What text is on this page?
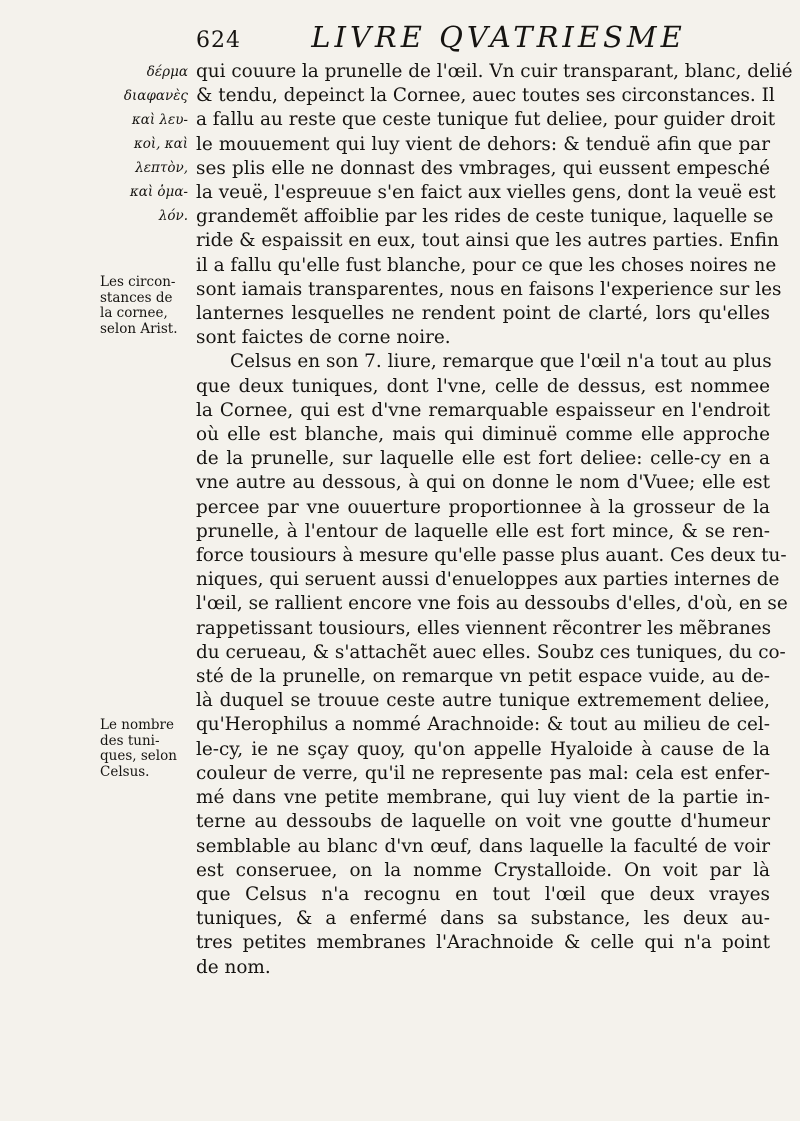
624	LIVRE QVATRIESME
δέρμα
διαφανὲς
καὶ λευ-
κοὶ, καὶ
λεπτὸν,
καὶ ὁμα-
λόν.
Les circon-
stances de
la cornee,
selon Arist.
Le nombre
des tuni-
ques, selon
Celsus.

qui couure la prunelle de l'œil. Vn cuir transparant, blanc, delié
& tendu, depeinct la Cornee, auec toutes ses circonstances. Il
a fallu au reste que ceste tunique fut deliee, pour guider droit
le mouuement qui luy vient de dehors: & tenduë afin que par
ses plis elle ne donnast des vmbrages, qui eussent empesché
la veuë, l'espreuue s'en faict aux vielles gens, dont la veuë est
grandemẽt affoiblie par les rides de ceste tunique, laquelle se
ride & espaissit en eux, tout ainsi que les autres parties. Enfin
il a fallu qu'elle fust blanche, pour ce que les choses noires ne
sont iamais transparentes, nous en faisons l'experience sur les
lanternes lesquelles ne rendent point de clarté, lors qu'elles
sont faictes de corne noire.

Celsus en son 7. liure, remarque que l'œil n'a tout au plus
que deux tuniques, dont l'vne, celle de dessus, est nommee
la Cornee, qui est d'vne remarquable espaisseur en l'endroit
où elle est blanche, mais qui diminuë comme elle approche
de la prunelle, sur laquelle elle est fort deliee: celle-cy en a
vne autre au dessous, à qui on donne le nom d'Vuee; elle est
percee par vne ouuerture proportionnee à la grosseur de la
prunelle, à l'entour de laquelle elle est fort mince, & se ren-
force tousiours à mesure qu'elle passe plus auant. Ces deux tu-
niques, qui seruent aussi d'enueloppes aux parties internes de
l'œil, se rallient encore vne fois au dessoubs d'elles, d'où, en se
rappetissant tousiours, elles viennent rẽcontrer les mẽbranes
du cerueau, & s'attachẽt auec elles. Soubz ces tuniques, du co-
sté de la prunelle, on remarque vn petit espace vuide, au de-
là duquel se trouue ceste autre tunique extremement deliee,
qu'Herophilus a nommé Arachnoide: & tout au milieu de cel-
le-cy, ie ne sçay quoy, qu'on appelle Hyaloide à cause de la
couleur de verre, qu'il ne represente pas mal: cela est enfer-
mé dans vne petite membrane, qui luy vient de la partie in-
terne au dessoubs de laquelle on voit vne goutte d'humeur
semblable au blanc d'vn œuf, dans laquelle la faculté de voir
est conseruee, on la nomme Crystalloide. On voit par là
que Celsus n'a recognu en tout l'œil que deux vrayes
tuniques, & a enfermé dans sa substance, les deux au-
tres petites membranes l'Arachnoide & celle qui n'a point
de nom.
